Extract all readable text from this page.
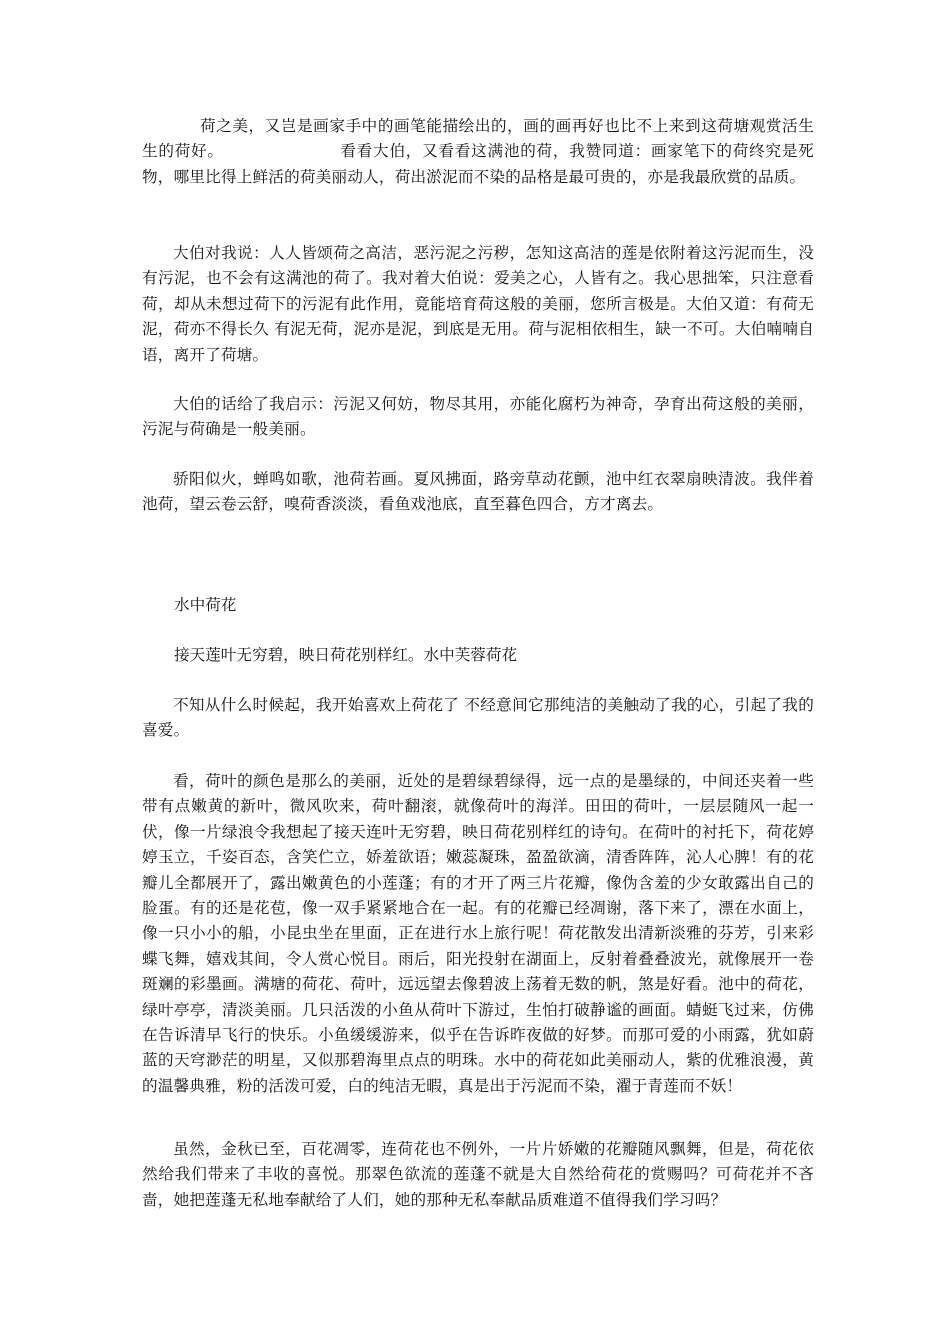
荷之美，又岂是画家手中的画笔能描绘出的，画的画再好也比不上来到这荷塘观赏活生生的荷好。	看看大伯，又看看这满池的荷，我赞同道：画家笔下的荷终究是死物，哪里比得上鲜活的荷美丽动人，荷出淤泥而不染的品格是最可贵的，亦是我最欣赏的品质。

大伯对我说：人人皆颂荷之高洁，恶污泥之污秽，怎知这高洁的莲是依附着这污泥而生，没有污泥，也不会有这满池的荷了。我对着大伯说：爱美之心，人皆有之。我心思拙笨，只注意看荷，却从未想过荷下的污泥有此作用，竟能培育荷这般的美丽，您所言极是。大伯又道：有荷无泥，荷亦不得长久 有泥无荷，泥亦是泥，到底是无用。荷与泥相依相生，缺一不可。大伯喃喃自语，离开了荷塘。

大伯的话给了我启示：污泥又何妨，物尽其用，亦能化腐朽为神奇，孕育出荷这般的美丽，污泥与荷确是一般美丽。

骄阳似火，蝉鸣如歌，池荷若画。夏风拂面，路旁草动花颤，池中红衣翠扇映清波。我伴着池荷，望云卷云舒，嗅荷香淡淡，看鱼戏池底，直至暮色四合，方才离去。

水中荷花

接天莲叶无穷碧，映日荷花别样红。水中芙蓉荷花

不知从什么时候起，我开始喜欢上荷花了 不经意间它那纯洁的美触动了我的心，引起了我的喜爱。

看，荷叶的颜色是那么的美丽，近处的是碧绿碧绿得，远一点的是墨绿的，中间还夹着一些带有点嫩黄的新叶，微风吹来，荷叶翻滚，就像荷叶的海洋。田田的荷叶，一层层随风一起一伏，像一片绿浪令我想起了接天连叶无穷碧，映日荷花别样红的诗句。在荷叶的衬托下，荷花婷婷玉立，千姿百态，含笑伫立，娇羞欲语；嫩蕊凝珠，盈盈欲滴，清香阵阵，沁人心脾！有的花瓣儿全都展开了，露出嫩黄色的小莲蓬；有的才开了两三片花瓣，像伪含羞的少女敢露出自己的脸蛋。有的还是花苞，像一双手紧紧地合在一起。有的花瓣已经凋谢，落下来了，漂在水面上，像一只小小的船，小昆虫坐在里面，正在进行水上旅行呢！荷花散发出清新淡雅的芬芳，引来彩蝶飞舞，嬉戏其间，令人赏心悦目。雨后，阳光投射在湖面上，反射着叠叠波光，就像展开一卷斑斓的彩墨画。满塘的荷花、荷叶，远远望去像碧波上荡着无数的帆，煞是好看。池中的荷花，绿叶亭亭，清淡美丽。几只活泼的小鱼从荷叶下游过，生怕打破静谧的画面。蜻蜓飞过来，仿佛在告诉清早飞行的快乐。小鱼缓缓游来，似乎在告诉昨夜做的好梦。而那可爱的小雨露，犹如蔚蓝的天穹渺茫的明星，又似那碧海里点点的明珠。水中的荷花如此美丽动人，紫的优雅浪漫，黄的温馨典雅，粉的活泼可爱，白的纯洁无暇，真是出于污泥而不染，濯于青莲而不妖！

虽然，金秋已至，百花凋零，连荷花也不例外，一片片娇嫩的花瓣随风飘舞，但是，荷花依然给我们带来了丰收的喜悦。那翠色欲流的莲蓬不就是大自然给荷花的赏赐吗？可荷花并不吝啬，她把莲蓬无私地奉献给了人们，她的那种无私奉献品质难道不值得我们学习吗？
